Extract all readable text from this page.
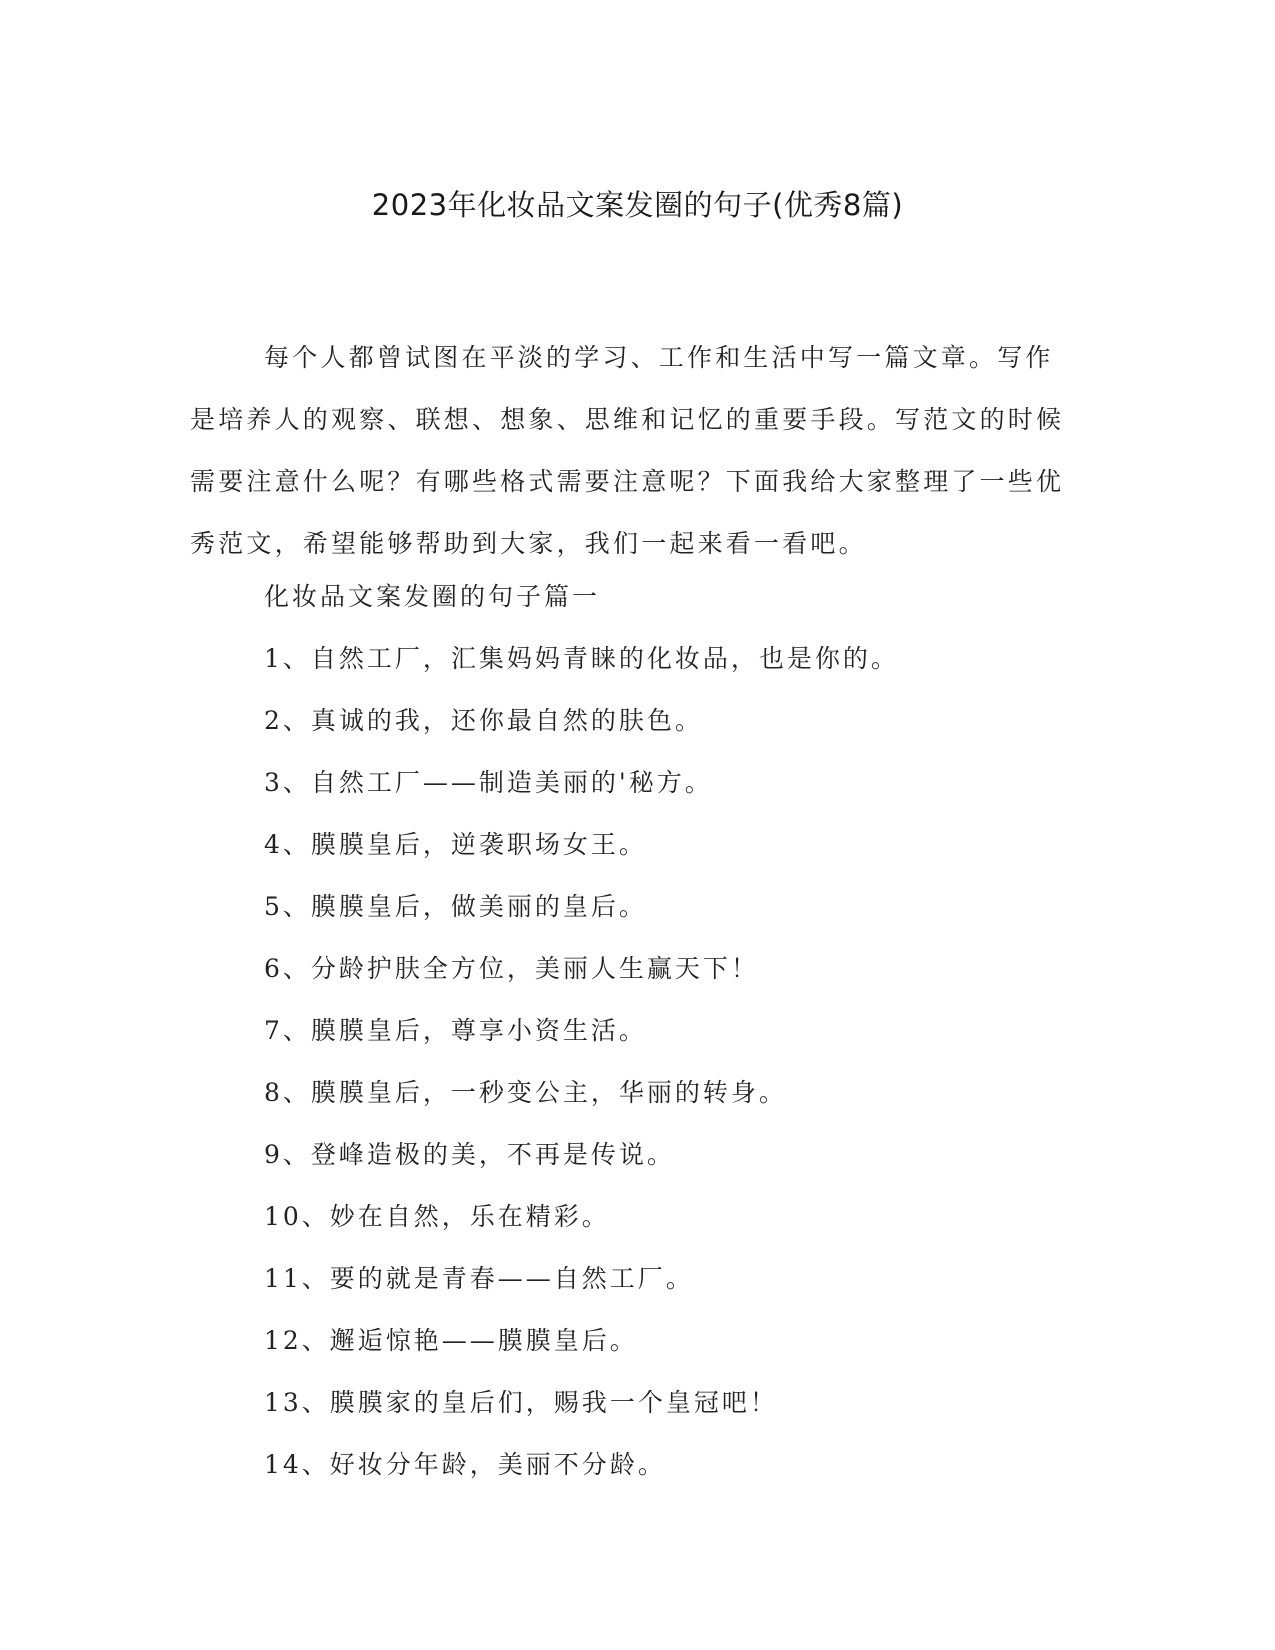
2023年化妆品文案发圈的句子(优秀8篇)

每个人都曾试图在平淡的学习、工作和生活中写一篇文章。写作是培养人的观察、联想、想象、思维和记忆的重要手段。写范文的时候需要注意什么呢？有哪些格式需要注意呢？下面我给大家整理了一些优秀范文，希望能够帮助到大家，我们一起来看一看吧。

化妆品文案发圈的句子篇一
1、自然工厂，汇集妈妈青睐的化妆品，也是你的。
2、真诚的我，还你最自然的肤色。
3、自然工厂——制造美丽的'秘方。
4、膜膜皇后，逆袭职场女王。
5、膜膜皇后，做美丽的皇后。
6、分龄护肤全方位，美丽人生赢天下！
7、膜膜皇后，尊享小资生活。
8、膜膜皇后，一秒变公主，华丽的转身。
9、登峰造极的美，不再是传说。
10、妙在自然，乐在精彩。
11、要的就是青春——自然工厂。
12、邂逅惊艳——膜膜皇后。
13、膜膜家的皇后们，赐我一个皇冠吧！
14、好妆分年龄，美丽不分龄。
